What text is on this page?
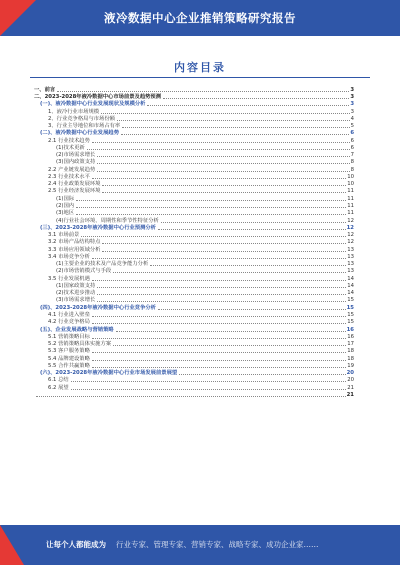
液冷数据中心企业推销策略研究报告
内容目录
一、前言	3
二、2023-2028年液冷数据中心市场前景及趋势预测	3
(一)、液冷数据中心行业发展现状及规模分析	3
1、液冷行业市场规模	3
2、行业竞争格局与市场份额	4
3、行业主导地位和市场占有率	5
(二)、液冷数据中心行业发展趋势	6
2.1 行业技术趋势	6
(1)技术更新	6
(2)市场需求增长	7
(3)国内政策支持	8
2.2 产业链发展趋势	8
2.3 行业技术水平	10
2.4 行业政策发展环境	10
2.5 行业经济发展环境	11
(1)国际	11
(2)国内	11
(3)地区	11
(4)行业社会环境、周期性和季节性特征分析	12
(三)、2023-2028年液冷数据中心行业预测分析	12
3.1 市场前景	12
3.2 市场产品结构特点	12
3.3 市场应用领域分析	13
3.4 市场竞争分析	13
(1)主要企业的技术及产品竞争能力分析	13
(2)市场营销模式与手段	13
3.5 行业发展机遇	14
(1)国家政策支持	14
(2)技术进步推动	14
(3)市场需求增长	15
(四)、2023-2028年液冷数据中心行业竞争分析	15
4.1 行业进入壁垒	15
4.2 行业竞争格局	15
(五)、企业发展战略与营销策略	16
5.1 营销策略目标	16
5.2 营销策略具体实施方案	17
5.3 客户服务策略	18
5.4 品牌建设策略	18
5.5 合作共赢策略	19
(六)、2023-2028年液冷数据中心行业市场发展前景展望	20
6.1 总结	20
6.2 展望	21
21
让每个人都能成为 行业专家、管理专家、营销专家、战略专家、成功企业家……
